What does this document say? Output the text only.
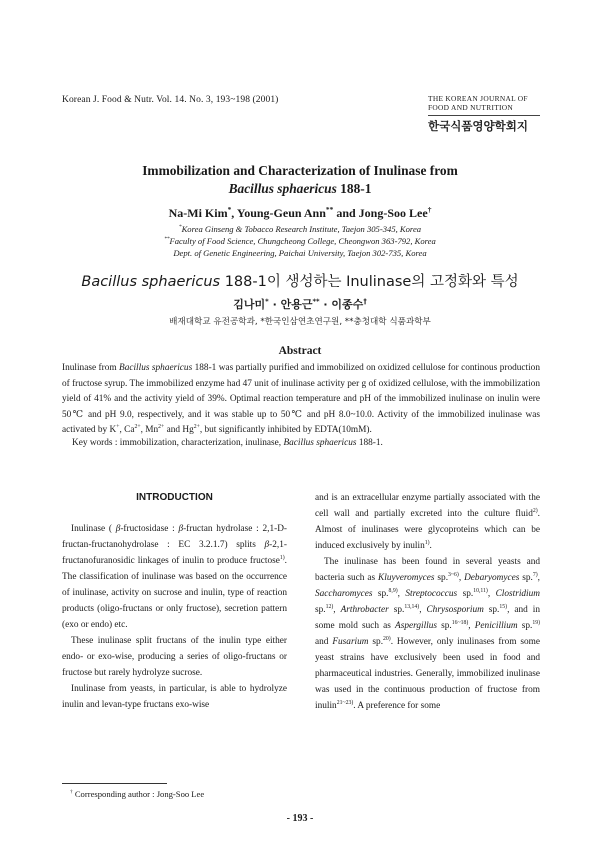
Korean J. Food & Nutr. Vol. 14. No. 3, 193~198 (2001)	THE KOREAN JOURNAL OF
FOOD AND NUTRITION
한국식품영양학회지
Immobilization and Characterization of Inulinase from
Bacillus sphaericus 188-1
Na-Mi Kim*, Young-Geun Ann** and Jong-Soo Lee†
*Korea Ginseng & Tobacco Research Institute, Taejon 305-345, Korea
**Faculty of Food Science, Chungcheong College, Cheongwon 363-792, Korea
Dept. of Genetic Engineering, Paichai University, Taejon 302-735, Korea
Bacillus sphaericus 188-1이 생성하는 Inulinase의 고정화와 특성
김나미* · 안용근** · 이종수†
배재대학교 유전공학과, *한국인삼연초연구원, **충청대학 식품과학부
Abstract
Inulinase from Bacillus sphaericus 188-1 was partially purified and immobilized on oxidized cellulose for continous production of fructose syrup. The immobilized enzyme had 47 unit of inulinase activity per g of oxidized cellulose, with the immobilization yield of 41% and the activity yield of 39%. Optimal reaction temperature and pH of the immobilized inulinase on inulin were 50℃ and pH 9.0, respectively, and it was stable up to 50℃ and pH 8.0~10.0. Activity of the immobilized inulinase was activated by K+, $Ca^{2+}$, $Mn^{2+}$ and $Hg^{2+}$, but significantly inhibited by EDTA(10mM).
Key words : immobilization, characterization, inulinase, Bacillus sphaericus 188-1.
INTRODUCTION

Inulinase ( β-fructosidase : β-fructan hydrolase : 2,1-D-fructan-fructanohydrolase : EC 3.2.1.7) splits β-2,1-fructanofuranosidic linkages of inulin to produce fructose$^{1)}$. The classification of inulinase was based on the occurrence of inulinase, activity on sucrose and inulin, type of reaction products (oligo-fructans or only fructose), secretion pattern (exo or endo) etc.

These inulinase split fructans of the inulin type either endo- or exo-wise, producing a series of oligo-fructans or fructose but rarely hydrolyze sucrose.

Inulinase from yeasts, in particular, is able to hydrolyze inulin and levan-type fructans exo-wise

and is an extracellular enzyme partially associated with the cell wall and partially excreted into the culture fluid$^{2)}$. Almost of inulinases were glycoproteins which can be induced exclusively by inulin$^{1)}$.

The inulinase has been found in several yeasts and bacteria such as Kluyveromyces sp.$^{3\sim 6)}$, Debaryomyces sp.$^{7)}$, Saccharomyces sp.$^{8,9)}$, Streptococcus sp.$^{10,11)}$, Clostridium sp.$^{12)}$, Arthrobacter sp.$^{13,14)}$, Chrysosporium sp.$^{15)}$, and in some mold such as Aspergillus sp.$^{16\sim 18)}$, Penicillium sp.$^{19)}$ and Fusarium sp.$^{20)}$. However, only inulinases from some yeast strains have exclusively been used in food and pharmaceutical industries. Generally, immobilized inulinase was used in the continuous production of fructose from inulin$^{21\sim 23)}$. A preference for some

† Corresponding author : Jong-Soo Lee
- 193 -
